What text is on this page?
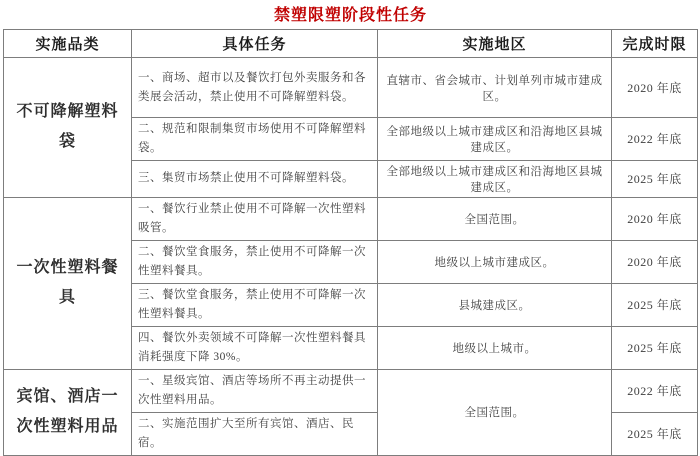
禁塑限塑阶段性任务
实施品类	具体任务	实施地区	完成时限
不可降解塑料袋	一、商场、超市以及餐饮打包外卖服务和各类展会活动，禁止使用不可降解塑料袋。	直辖市、省会城市、计划单列市城市建成区。	2020 年底
	二、规范和限制集贸市场使用不可降解塑料袋。	全部地级以上城市建成区和沿海地区县城建成区。	2022 年底
	三、集贸市场禁止使用不可降解塑料袋。	全部地级以上城市建成区和沿海地区县城建成区。	2025 年底
一次性塑料餐具	一、餐饮行业禁止使用不可降解一次性塑料吸管。	全国范围。	2020 年底
	二、餐饮堂食服务，禁止使用不可降解一次性塑料餐具。	地级以上城市建成区。	2020 年底
	三、餐饮堂食服务，禁止使用不可降解一次性塑料餐具。	县城建成区。	2025 年底
	四、餐饮外卖领域不可降解一次性塑料餐具消耗强度下降 30%。	地级以上城市。	2025 年底
宾馆、酒店一次性塑料用品	一、星级宾馆、酒店等场所不再主动提供一次性塑料用品。	全国范围。	2022 年底
	二、实施范围扩大至所有宾馆、酒店、民宿。		2025 年底
